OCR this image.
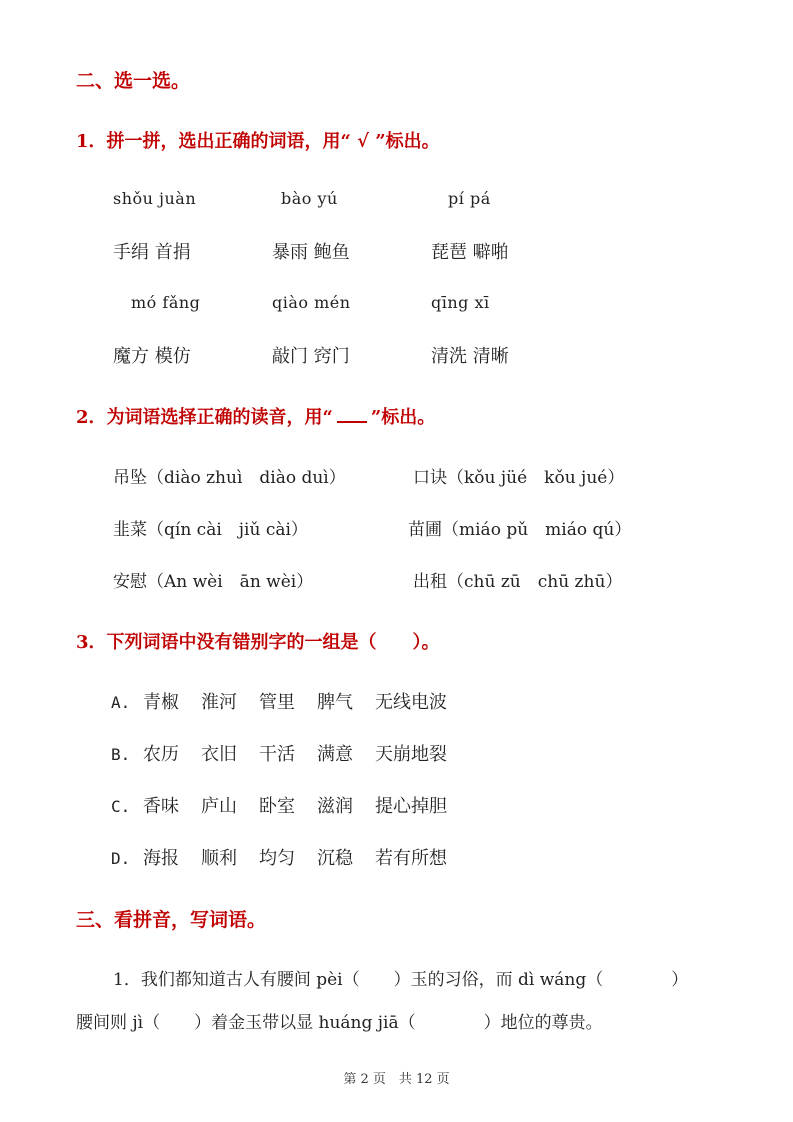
二、选一选。
1．拼一拼，选出正确的词语，用“ √ ”标出。
shǒu juàn	bào yú	pí pá
手绢 首捐	暴雨 鲍鱼	琵琶 噼啪
mó fǎng	qiào mén	qīng xī
魔方 模仿	敲门 窍门	清洗 清晰
2．为词语选择正确的读音，用“ ”标出。
吊坠（diào zhuì　diào duì）	口诀（kǒu jüé　kǒu jué）
韭菜（qín cài　jiǔ cài）	苗圃（miáo pǔ　miáo qú）
安慰（An wèi　ān wèi）	出租（chū zū　chū zhū）
3．下列词语中没有错别字的一组是（　　）。
A. 青椒 淮河 管里 脾气 无线电波
B. 农历 衣旧 干活 满意 天崩地裂
C. 香味 庐山 卧室 滋润 提心掉胆
D. 海报 顺利 均匀 沉稳 若有所想
三、看拼音，写词语。
1．我们都知道古人有腰间 pèi（　　）玉的习俗，而 dì wáng（　　　　）
腰间则 jì（　　）着金玉带以显 huáng jiā（　　　　）地位的尊贵。
第 2 页　共 12 页
